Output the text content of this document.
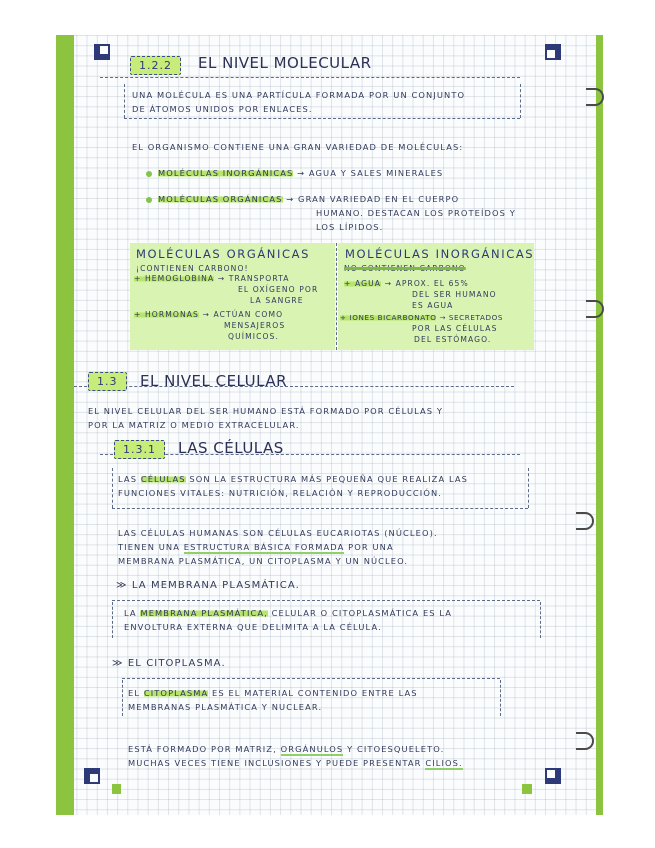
1.2.2	EL NIVEL MOLECULAR
UNA MOLÉCULA ES UNA PARTÍCULA FORMADA POR UN CONJUNTO
DE ÁTOMOS UNIDOS POR ENLACES.
EL ORGANISMO CONTIENE UNA GRAN VARIEDAD DE MOLÉCULAS:
MOLÉCULAS INORGÁNICAS → AGUA Y SALES MINERALES
MOLÉCULAS ORGÁNICAS → GRAN VARIEDAD EN EL CUERPO
HUMANO. DESTACAN LOS PROTEÍDOS Y
LOS LÍPIDOS.
MOLÉCULAS ORGÁNICAS
¡CONTIENEN CARBONO!
+ HEMOGLOBINA → TRANSPORTA
EL OXÍGENO POR
LA SANGRE
+ HORMONAS → ACTÚAN COMO
MENSAJEROS
QUÍMICOS.
MOLÉCULAS INORGÁNICAS
NO CONTIENEN CARBONO
+ AGUA → APROX. EL 65%
DEL SER HUMANO
ES AGUA
+ IONES BICARBONATO → SECRETADOS
POR LAS CÉLULAS
DEL ESTÓMAGO.
1.3	EL NIVEL CELULAR
EL NIVEL CELULAR DEL SER HUMANO ESTÁ FORMADO POR CÉLULAS Y
POR LA MATRIZ O MEDIO EXTRACELULAR.
1.3.1	LAS CÉLULAS
LAS CÉLULAS SON LA ESTRUCTURA MÁS PEQUEÑA QUE REALIZA LAS
FUNCIONES VITALES: NUTRICIÓN, RELACIÓN Y REPRODUCCIÓN.
LAS CÉLULAS HUMANAS SON CÉLULAS EUCARIOTAS (NÚCLEO).
TIENEN UNA ESTRUCTURA BÁSICA FORMADA POR UNA
MEMBRANA PLASMÁTICA, UN CITOPLASMA Y UN NÚCLEO.
≫ LA MEMBRANA PLASMÁTICA.
LA MEMBRANA PLASMÁTICA, CELULAR O CITOPLASMÁTICA ES LA
ENVOLTURA EXTERNA QUE DELIMITA A LA CÉLULA.
≫ EL CITOPLASMA.
EL CITOPLASMA ES EL MATERIAL CONTENIDO ENTRE LAS
MEMBRANAS PLASMÁTICA Y NUCLEAR.
ESTÁ FORMADO POR MATRIZ, ORGÁNULOS Y CITOESQUELETO.
MUCHAS VECES TIENE INCLUSIONES Y PUEDE PRESENTAR CILIOS.
